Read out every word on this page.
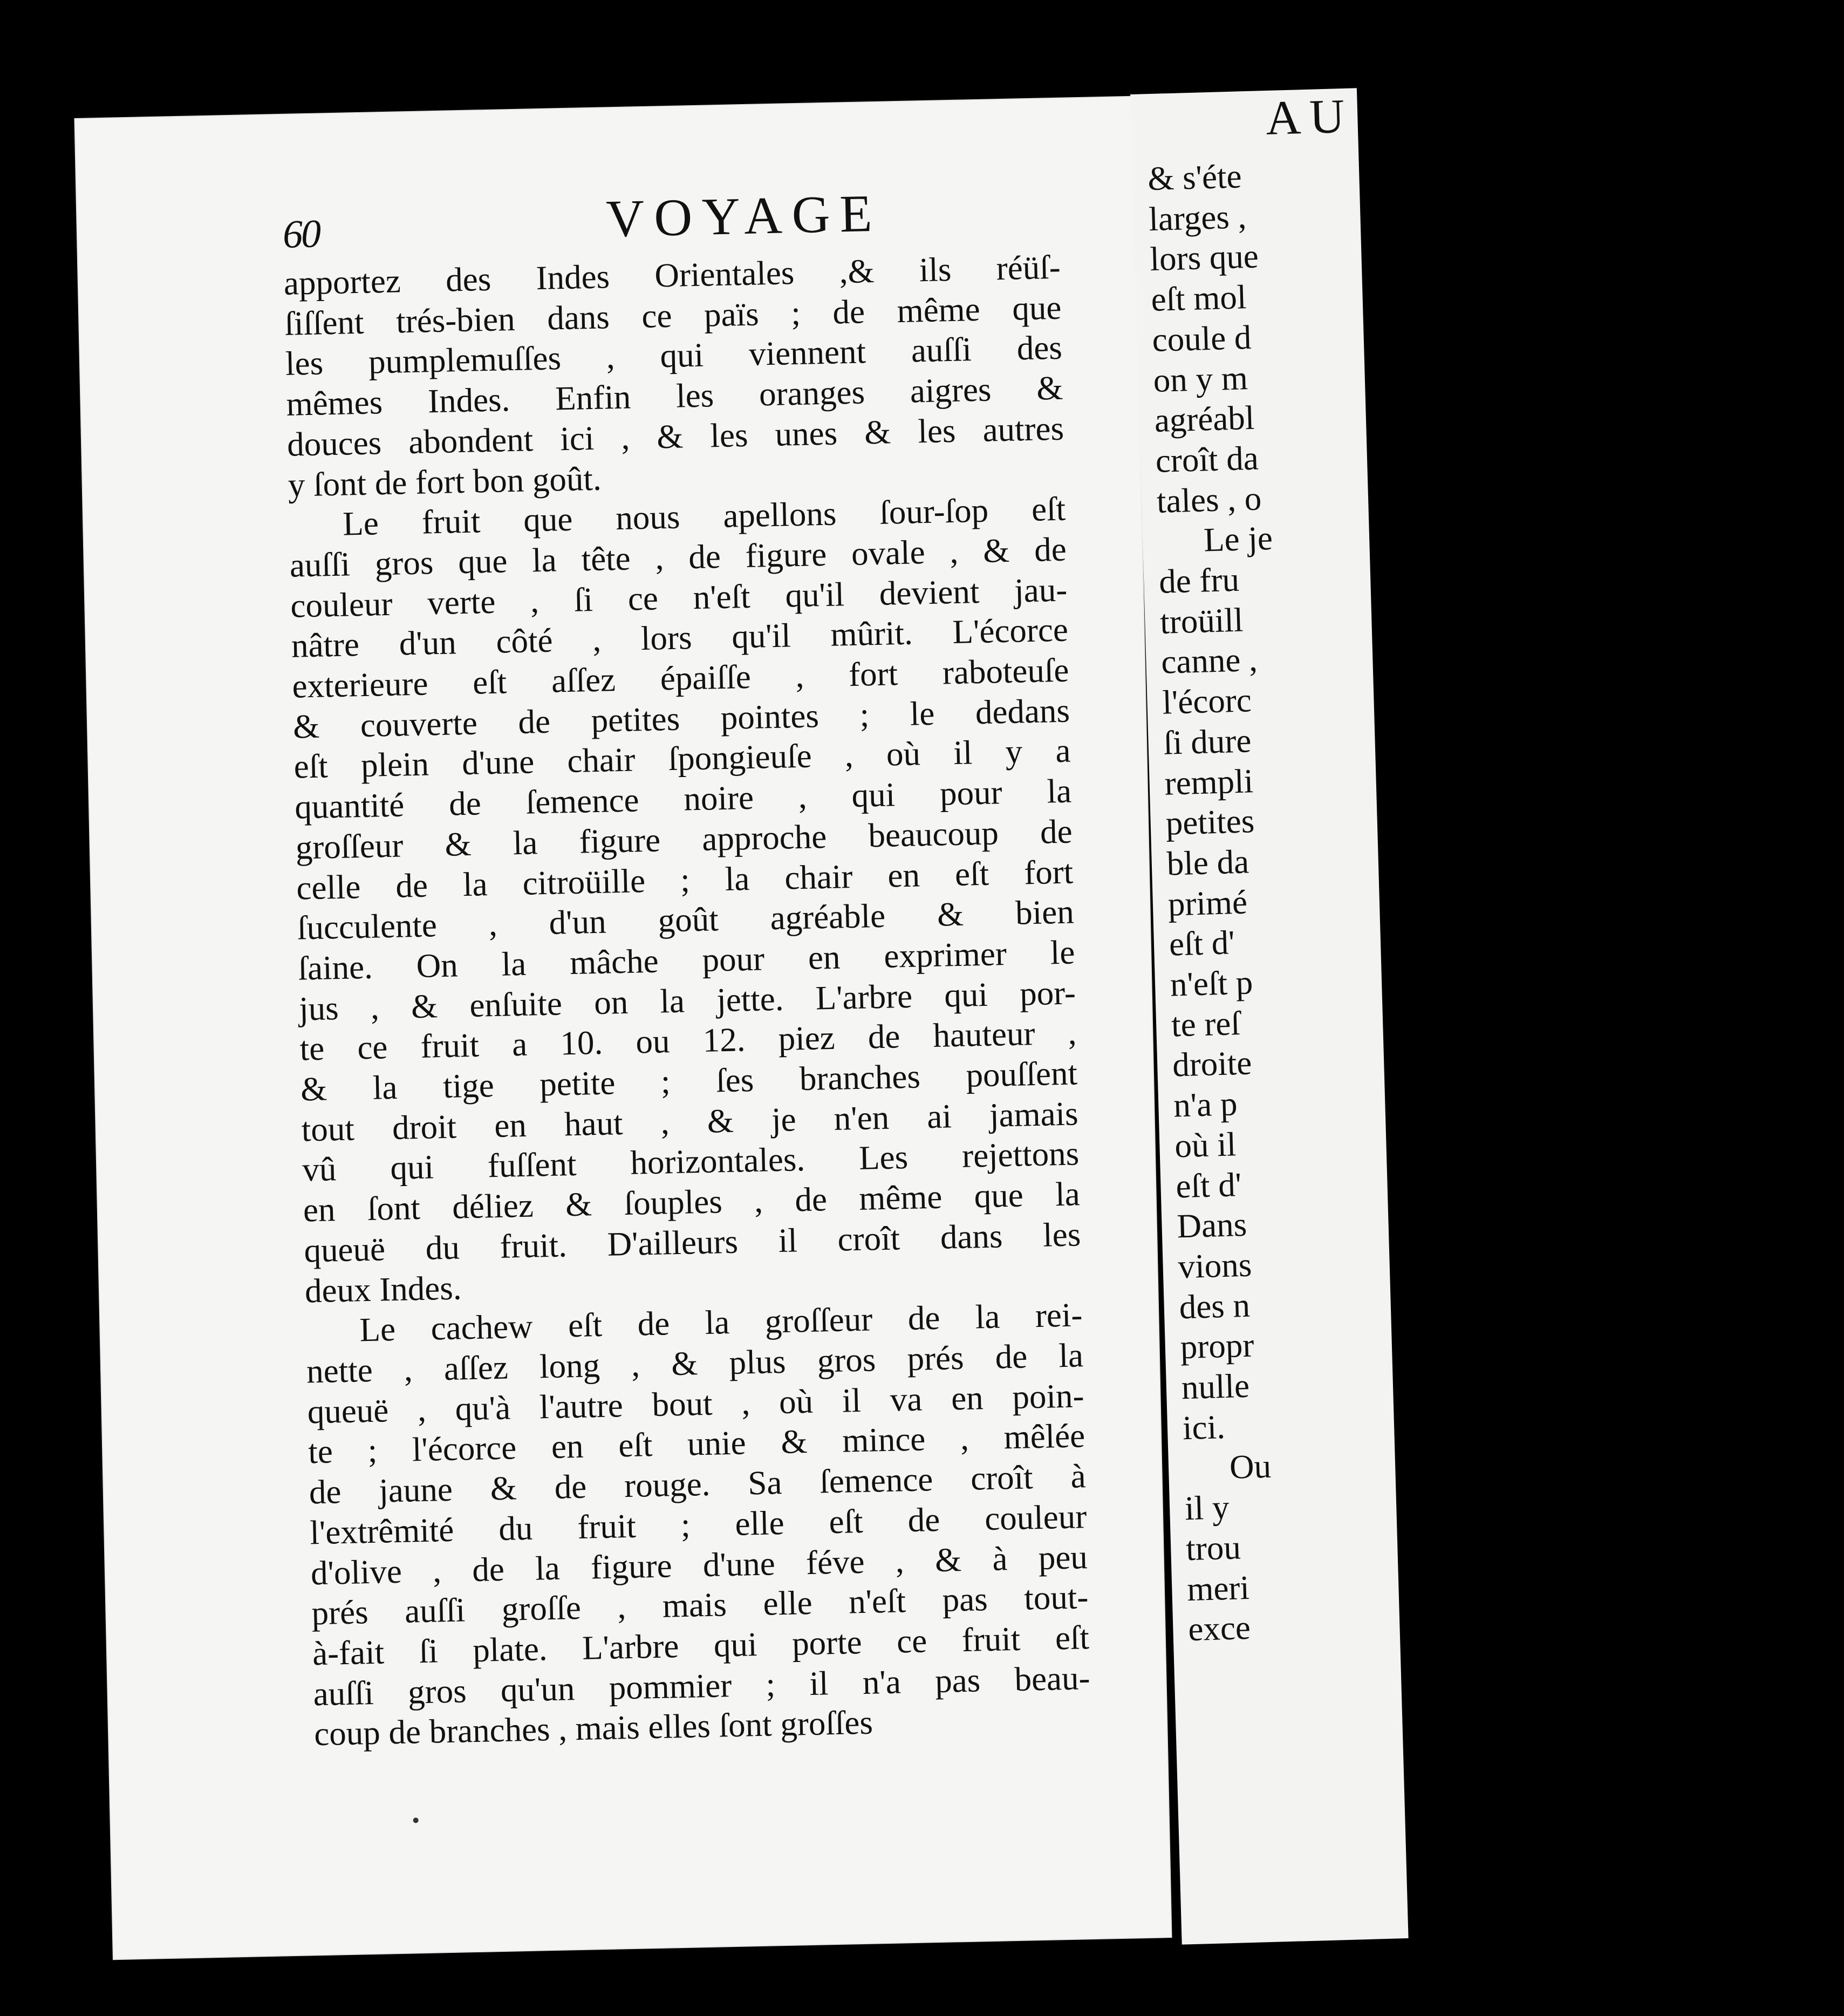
60	VOYAGE

apportez des Indes Orientales ,& ils réüſ-
ſiſſent trés-bien dans ce païs ; de même que
les pumplemuſſes , qui viennent auſſi des
mêmes Indes. Enfin les oranges aigres &
douces abondent ici , & les unes & les autres
y ſont de fort bon goût.

Le fruit que nous apellons ſour-ſop eſt
auſſi gros que la tête , de figure ovale , & de
couleur verte , ſi ce n'eſt qu'il devient jau-
nâtre d'un côté , lors qu'il mûrit. L'écorce
exterieure eſt aſſez épaiſſe , fort raboteuſe
& couverte de petites pointes ; le dedans
eſt plein d'une chair ſpongieuſe , où il y a
quantité de ſemence noire , qui pour la
groſſeur & la figure approche beaucoup de
celle de la citroüille ; la chair en eſt fort
ſucculente , d'un goût agréable & bien
ſaine. On la mâche pour en exprimer le
jus , & enſuite on la jette. L'arbre qui por-
te ce fruit a 10. ou 12. piez de hauteur ,
& la tige petite ; ſes branches pouſſent
tout droit en haut , & je n'en ai jamais
vû qui fuſſent horizontales. Les rejettons
en ſont déliez & ſouples , de même que la
queuë du fruit. D'ailleurs il croît dans les
deux Indes.

Le cachew eſt de la groſſeur de la rei-
nette , aſſez long , & plus gros prés de la
queuë , qu'à l'autre bout , où il va en poin-
te ; l'écorce en eſt unie & mince , mêlée
de jaune & de rouge. Sa ſemence croît à
l'extrêmité du fruit ; elle eſt de couleur
d'olive , de la figure d'une féve , & à peu
prés auſſi groſſe , mais elle n'eſt pas tout-
à-fait ſi plate. L'arbre qui porte ce fruit eſt
auſſi gros qu'un pommier ; il n'a pas beau-
coup de branches , mais elles ſont groſſes

AU
& s'éte
larges ,
lors que
eſt mol
coule d
on y m
agréabl
croît da
tales , o
Le je
de fru
troüill
canne ,
l'écorc
ſi dure
rempli
petites
ble da
primé
eſt d'
n'eſt p
te reſ
droite
n'a p
où il
eſt d'
Dans
vions
des n
propr
nulle
ici.
Ou
il y
trou
meri
exce
